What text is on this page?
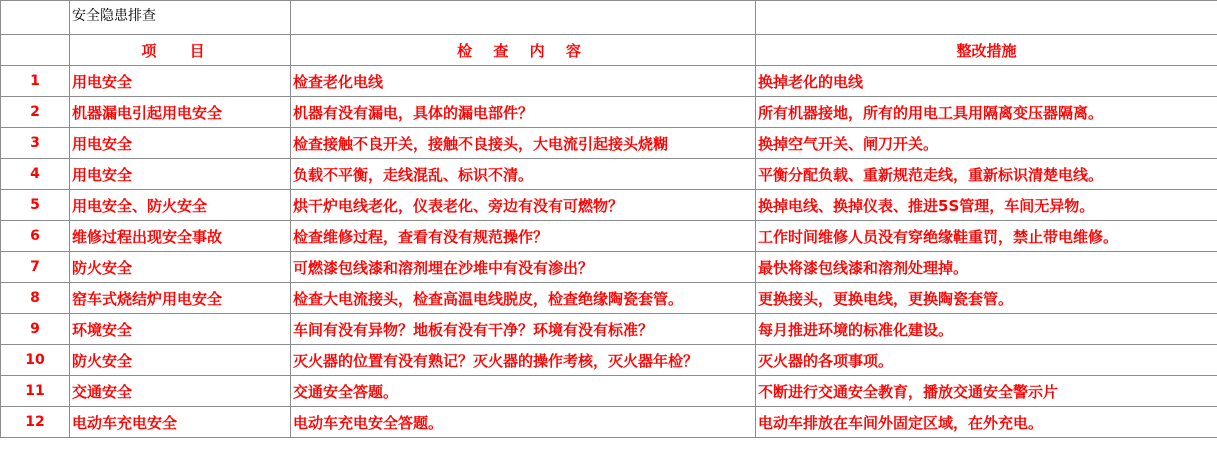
	安全隐患排查		
	项 目	检 查 内 容	整改措施
1	用电安全	检查老化电线	换掉老化的电线
2	机器漏电引起用电安全	机器有没有漏电，具体的漏电部件？	所有机器接地，所有的用电工具用隔离变压器隔离。
3	用电安全	检查接触不良开关，接触不良接头，大电流引起接头烧糊	换掉空气开关、闸刀开关。
4	用电安全	负载不平衡，走线混乱、标识不清。	平衡分配负载、重新规范走线，重新标识清楚电线。
5	用电安全、防火安全	烘干炉电线老化，仪表老化、旁边有没有可燃物？	换掉电线、换掉仪表、推进5S管理，车间无异物。
6	维修过程出现安全事故	检查维修过程，查看有没有规范操作？	工作时间维修人员没有穿绝缘鞋重罚，禁止带电维修。
7	防火安全	可燃漆包线漆和溶剂埋在沙堆中有没有渗出？	最快将漆包线漆和溶剂处理掉。
8	窑车式烧结炉用电安全	检查大电流接头，检查高温电线脱皮，检查绝缘陶瓷套管。	更换接头，更换电线，更换陶瓷套管。
9	环境安全	车间有没有异物？地板有没有干净？环境有没有标准？	每月推进环境的标准化建设。
10	防火安全	灭火器的位置有没有熟记？灭火器的操作考核，灭火器年检？	灭火器的各项事项。
11	交通安全	交通安全答题。	不断进行交通安全教育，播放交通安全警示片
12	电动车充电安全	电动车充电安全答题。	电动车排放在车间外固定区域，在外充电。
